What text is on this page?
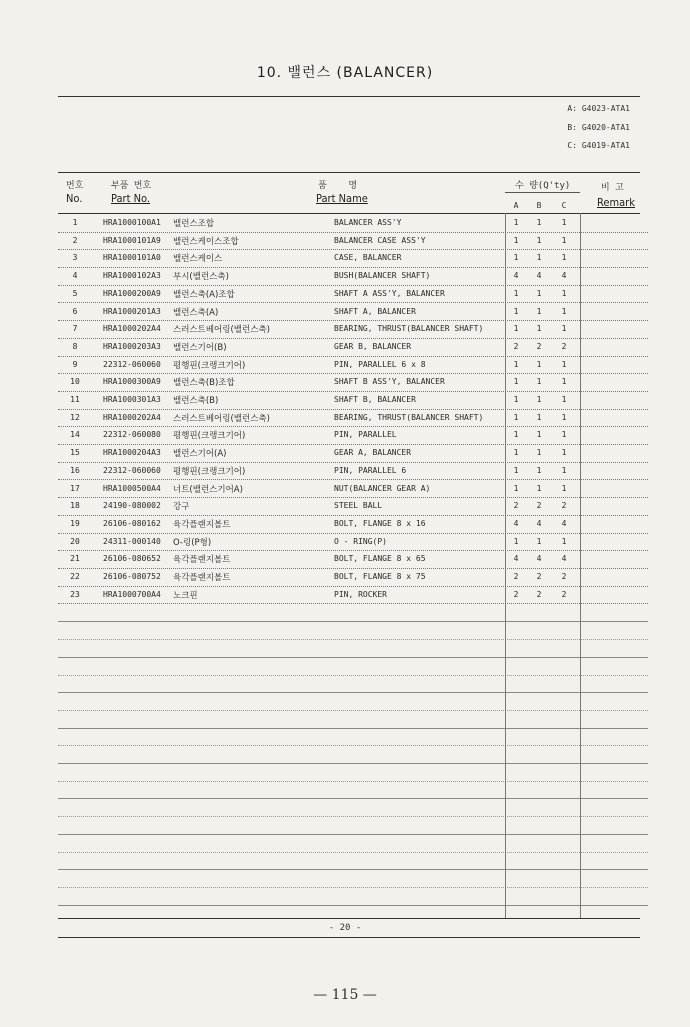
10. 밸런스 (BALANCER)
A: G4023-ATA1
B: G4020-ATA1
C: G4019-ATA1
번호
No.
부품 번호
Part No.
품    명
Part Name
수 량(Q'ty)
A	B	C
비 고
Remark
1	HRA1000100A1 밸런스조합	BALANCER ASS'Y	1	1	1
2	HRA1000101A9 밸런스케이스조합	BALANCER CASE ASS'Y	1	1	1
3	HRA1000101A0 밸런스케이스	CASE, BALANCER	1	1	1
4	HRA1000102A3 부시(밸런스축)	BUSH(BALANCER SHAFT)	4	4	4
5	HRA1000200A9 밸런스축(A)조합	SHAFT A ASS'Y, BALANCER	1	1	1
6	HRA1000201A3 밸런스축(A)	SHAFT A, BALANCER	1	1	1
7	HRA1000202A4 스러스트베어링(밸런스축)	BEARING, THRUST(BALANCER SHAFT)	1	1	1
8	HRA1000203A3 밸런스기어(B)	GEAR B, BALANCER	2	2	2
9	22312-060060 평행핀(크랭크기어)	PIN, PARALLEL 6 x 8	1	1	1
10	HRA1000300A9 밸런스축(B)조합	SHAFT B ASS'Y, BALANCER	1	1	1
11	HRA1000301A3 밸런스축(B)	SHAFT B, BALANCER	1	1	1
12	HRA1000202A4 스러스트베어링(밸런스축)	BEARING, THRUST(BALANCER SHAFT)	1	1	1
14	22312-060080 평행핀(크랭크기어)	PIN, PARALLEL	1	1	1
15	HRA1000204A3 밸런스기어(A)	GEAR A, BALANCER	1	1	1
16	22312-060060 평행핀(크랭크기어)	PIN, PARALLEL 6	1	1	1
17	HRA1000500A4 너트(밸런스기어A)	NUT(BALANCER GEAR A)	1	1	1
18	24190-080002 강구	STEEL BALL	2	2	2
19	26106-080162 육각플랜지볼트	BOLT, FLANGE 8 x 16	4	4	4
20	24311-000140 O-링(P형)	O - RING(P)	1	1	1
21	26106-080652 육각플랜지볼트	BOLT, FLANGE 8 x 65	4	4	4
22	26106-080752 육각플랜지볼트	BOLT, FLANGE 8 x 75	2	2	2
23	HRA1000700A4 노크핀	PIN, ROCKER	2	2	2
- 20 -
— 115 —
